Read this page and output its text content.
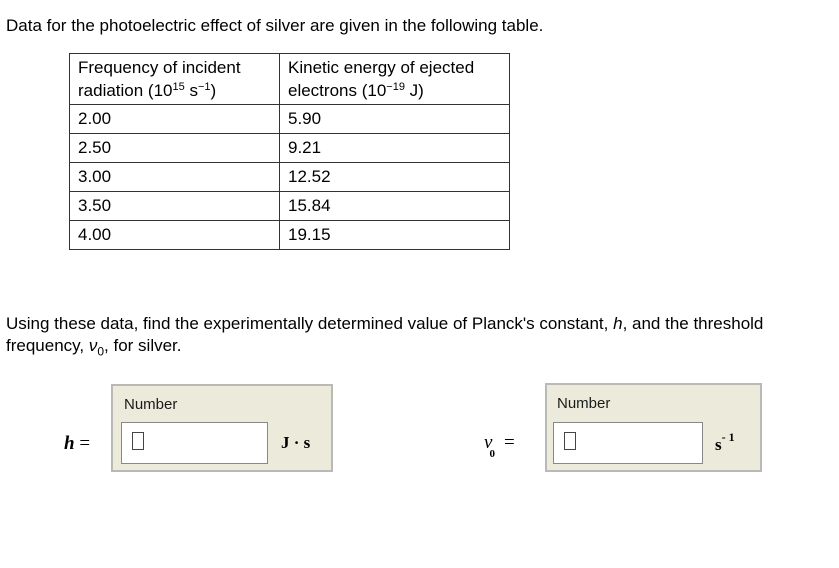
Data for the photoelectric effect of silver are given in the following table.
Frequency of incident
radiation ($10^{15}$ $s^{-1}$)	Kinetic energy of ejected
electrons ($10^{-19}$ J)
2.00	5.90
2.50	9.21
3.00	12.52
3.50	15.84
4.00	19.15
Using these data, find the experimentally determined value of Planck's constant, h, and the threshold frequency, $\nu_0$, for silver.
h =
Number
J · s	$\nu_0=$
Number
$s^{- 1}$
